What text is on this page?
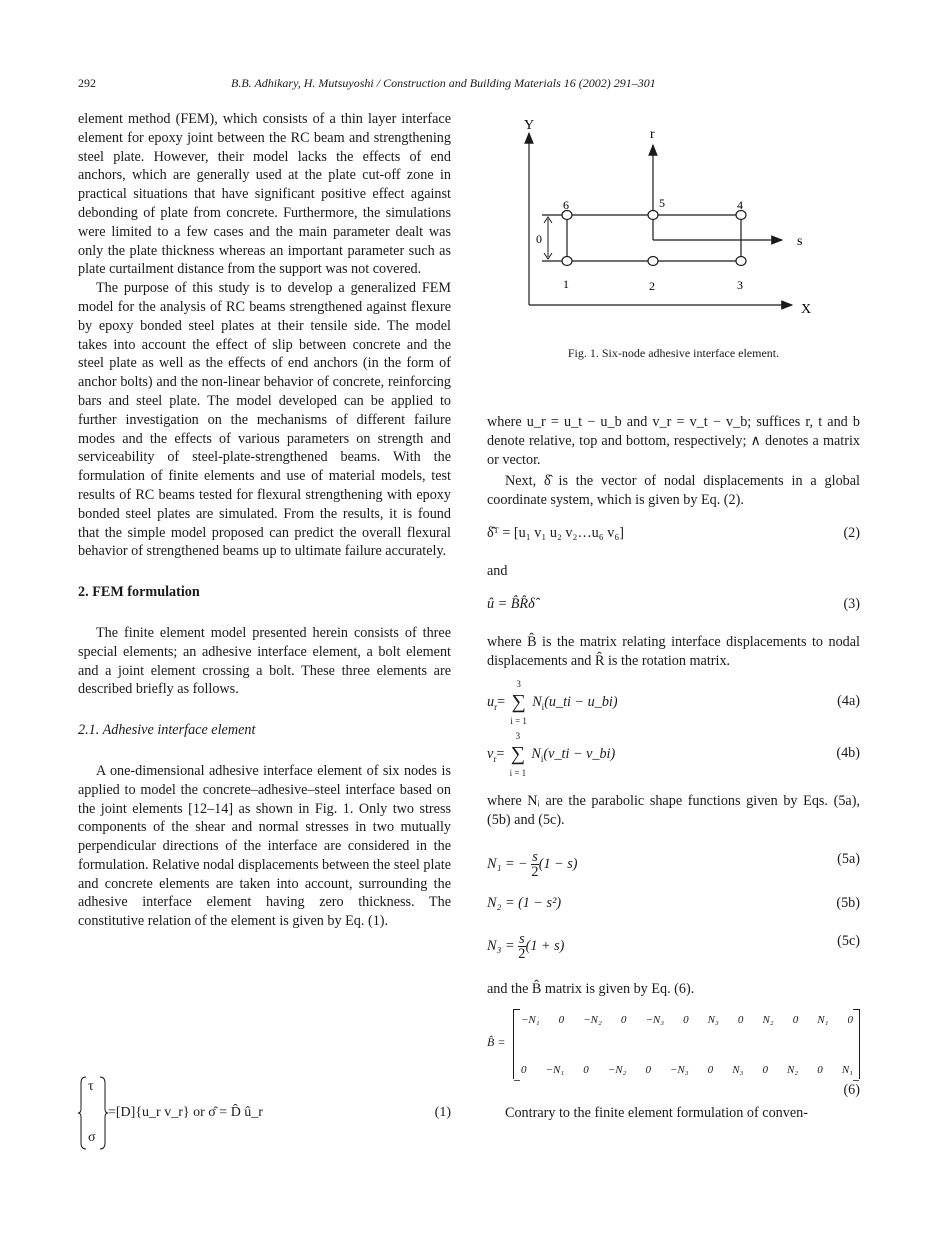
292	B.B. Adhikary, H. Mutsuyoshi / Construction and Building Materials 16 (2002) 291–301

element method (FEM), which consists of a thin layer interface element for epoxy joint between the RC beam and strengthening steel plate. However, their model lacks the effects of end anchors, which are generally used at the plate cut-off zone in practical situations that have significant positive effect against debonding of plate from concrete. Furthermore, the simulations were limited to a few cases and the main parameter dealt was only the plate thickness whereas an important parameter such as plate curtailment distance from the support was not covered.

The purpose of this study is to develop a generalized FEM model for the analysis of RC beams strengthened against flexure by epoxy bonded steel plates at their tensile side. The model takes into account the effect of slip between concrete and the steel plate as well as the effects of end anchors (in the form of anchor bolts) and the non-linear behavior of concrete, reinforcing bars and steel plate. The model developed can be applied to further investigation on the mechanisms of different failure modes and the effects of various parameters on strength and serviceability of steel-plate-strengthened beams. With the formulation of finite elements and use of material models, test results of RC beams tested for flexural strengthening with epoxy bonded steel plates are simulated. From the results, it is found that the simple model proposed can predict the overall flexural behavior of strengthened beams up to ultimate failure accurately.

2. FEM formulation

The finite element model presented herein consists of three special elements; an adhesive interface element, a bolt element and a joint element crossing a bolt. These three elements are described briefly as follows.

2.1. Adhesive interface element

A one-dimensional adhesive interface element of six nodes is applied to model the concrete–adhesive–steel interface based on the joint elements [12–14] as shown in Fig. 1. Only two stress components of the shear and normal stresses in two mutually perpendicular directions of the interface are considered in the formulation. Relative nodal displacements between the steel plate and concrete elements are taken into account, surrounding the adhesive interface element having zero thickness. The constitutive relation of the element is given by Eq. (1).

τ
σ
=[D]{u_r v_r} or σ̂ = D̂ û_r	(1)
Y
X
r
s
0
1	2	3
4
5
6
Fig. 1. Six-node adhesive interface element.

where u_r = u_t − u_b and v_r = v_t − v_b; suffices r, t and b denote relative, top and bottom, respectively; ∧ denotes a matrix or vector.

Next, δ̂ is the vector of nodal displacements in a global coordinate system, which is given by Eq. (2).

δ̂ᵀ = [u₁ v₁ u₂ v₂…u₆ v₆]	(2)

and

û = B̂R̂δ̂	(3)

where B̂ is the matrix relating interface displacements to nodal displacements and R̂ is the rotation matrix.

$u_r=$
3
∑
i = 1
$N_i(u\_ti$ − u_bi)	(4a)
$v_r=$
3
∑
i = 1
$N_i(v\_ti$ − v_bi)	(4b)

where Nᵢ are the parabolic shape functions given by Eqs. (5a), (5b) and (5c).

N₁ = − $\frac{s}{2} (1 - s)$	(5a)
N₂ = (1 − s²)	(5b)
$N_3 = \frac{s}{2} (1 + s)$	(5c)

and the B̂ matrix is given by Eq. (6).

B̂ =
−N₁ 0 −N₂ 0 −N₃ 0 N₃ 0 N₂ 0 N₁ 0
0 −N₁ 0 −N₂ 0 −N₃ 0 N₃ 0 N₂ 0 N₁
(6)

Contrary to the finite element formulation of conven-
